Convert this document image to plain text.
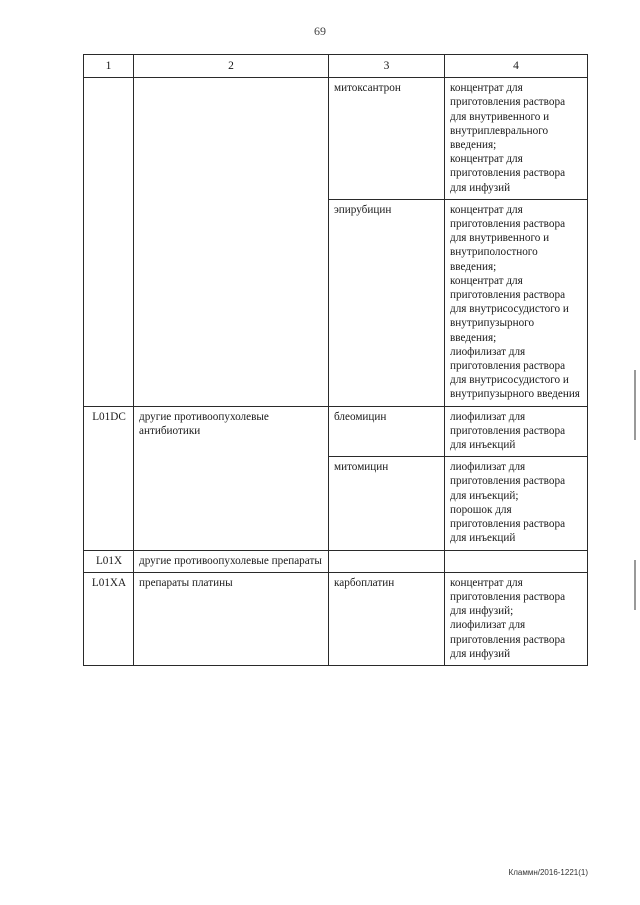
69
1	2	3	4
		митоксантрон	концентрат для приготовления раствора для внутривенного и внутриплеврального введения;
концентрат для приготовления раствора для инфузий
		эпирубицин	концентрат для приготовления раствора для внутривенного и внутриполостного введения;
концентрат для приготовления раствора для внутрисосудистого и внутрипузырного введения;
лиофилизат для приготовления раствора для внутрисосудистого и внутрипузырного введения
L01DC	другие противоопухолевые антибиотики	блеомицин	лиофилизат для приготовления раствора для инъекций
		митомицин	лиофилизат для приготовления раствора для инъекций;
порошок для приготовления раствора для инъекций
L01X	другие противоопухолевые препараты		
L01XA	препараты платины	карбоплатин	концентрат для приготовления раствора для инфузий;
лиофилизат для приготовления раствора для инфузий
Кламмн/2016-1221(1)
